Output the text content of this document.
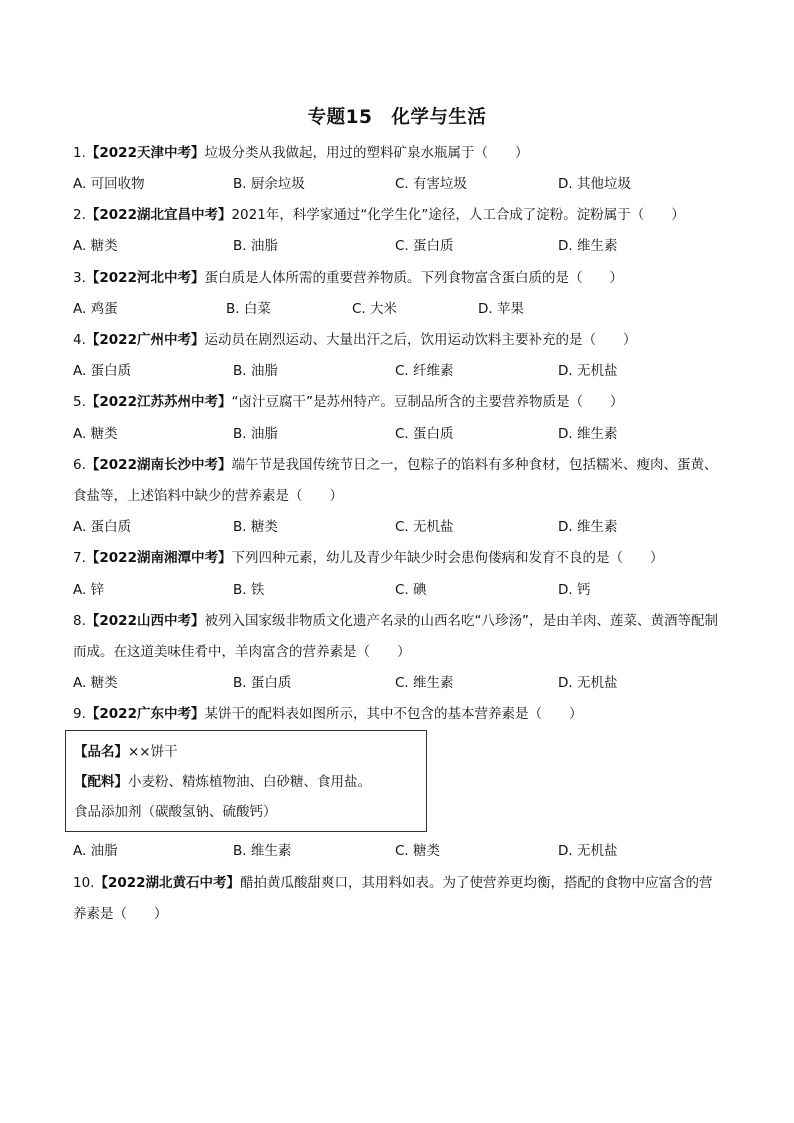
专题15　化学与生活
1.【2022天津中考】垃圾分类从我做起，用过的塑料矿泉水瓶属于（　　）
A. 可回收物	B. 厨余垃圾	C. 有害垃圾	D. 其他垃圾
2.【2022湖北宜昌中考】2021年，科学家通过“化学生化”途径，人工合成了淀粉。淀粉属于（　　）
A. 糖类	B. 油脂	C. 蛋白质	D. 维生素
3.【2022河北中考】蛋白质是人体所需的重要营养物质。下列食物富含蛋白质的是（　　）
A. 鸡蛋	B. 白菜	C. 大米	D. 苹果
4.【2022广州中考】运动员在剧烈运动、大量出汗之后，饮用运动饮料主要补充的是（　　）
A. 蛋白质	B. 油脂	C. 纤维素	D. 无机盐
5.【2022江苏苏州中考】“卤汁豆腐干”是苏州特产。豆制品所含的主要营养物质是（　　）
A. 糖类	B. 油脂	C. 蛋白质	D. 维生素
6.【2022湖南长沙中考】端午节是我国传统节日之一，包粽子的馅料有多种食材，包括糯米、瘦肉、蛋黄、
食盐等，上述馅料中缺少的营养素是（　　）
A. 蛋白质	B. 糖类	C. 无机盐	D. 维生素
7.【2022湖南湘潭中考】下列四种元素，幼儿及青少年缺少时会患佝偻病和发育不良的是（　　）
A. 锌	B. 铁	C. 碘	D. 钙
8.【2022山西中考】被列入国家级非物质文化遗产名录的山西名吃“八珍汤”，是由羊肉、莲菜、黄酒等配制
而成。在这道美味佳肴中，羊肉富含的营养素是（　　）
A. 糖类	B. 蛋白质	C. 维生素	D. 无机盐
9.【2022广东中考】某饼干的配料表如图所示，其中不包含的基本营养素是（　　）
【品名】××饼干
【配料】小麦粉、精炼植物油、白砂糖、食用盐。
食品添加剂（碳酸氢钠、硫酸钙）
A. 油脂	B. 维生素	C. 糖类	D. 无机盐
10.【2022湖北黄石中考】醋拍黄瓜酸甜爽口，其用料如表。为了使营养更均衡，搭配的食物中应富含的营
养素是（　　）
